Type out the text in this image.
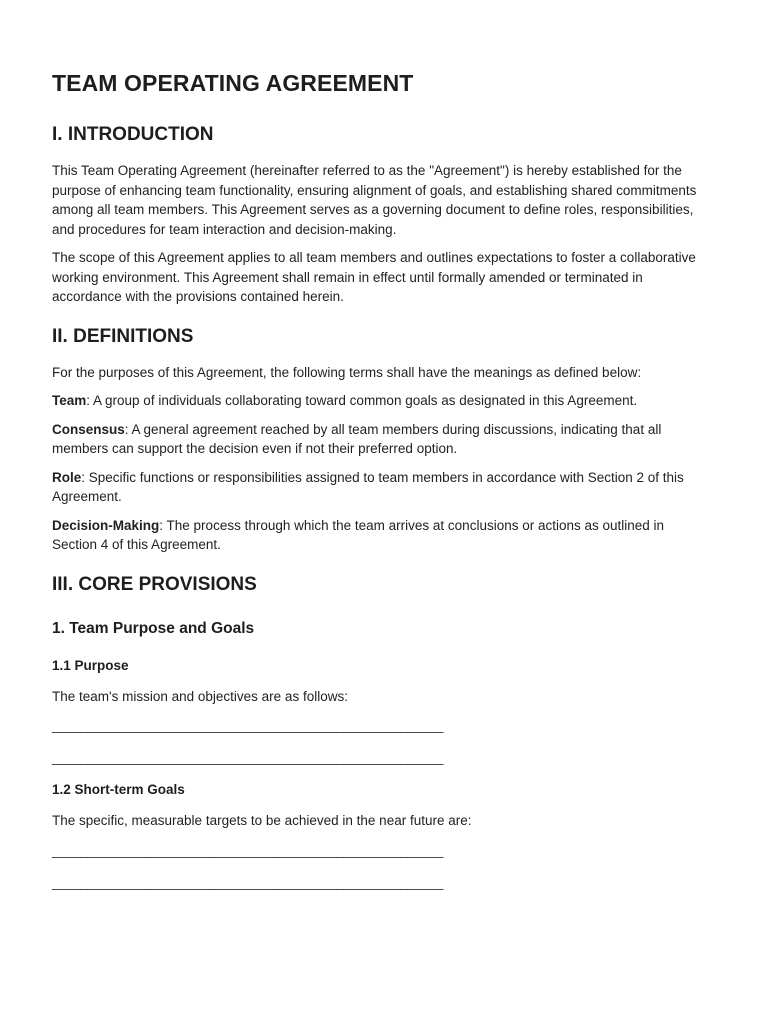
TEAM OPERATING AGREEMENT
I. INTRODUCTION

This Team Operating Agreement (hereinafter referred to as the "Agreement") is hereby established for the purpose of enhancing team functionality, ensuring alignment of goals, and establishing shared commitments among all team members. This Agreement serves as a governing document to define roles, responsibilities, and procedures for team interaction and decision-making.

The scope of this Agreement applies to all team members and outlines expectations to foster a collaborative working environment. This Agreement shall remain in effect until formally amended or terminated in accordance with the provisions contained herein.

II. DEFINITIONS

For the purposes of this Agreement, the following terms shall have the meanings as defined below:

Team: A group of individuals collaborating toward common goals as designated in this Agreement.

Consensus: A general agreement reached by all team members during discussions, indicating that all members can support the decision even if not their preferred option.

Role: Specific functions or responsibilities assigned to team members in accordance with Section 2 of this Agreement.

Decision-Making: The process through which the team arrives at conclusions or actions as outlined in Section 4 of this Agreement.

III. CORE PROVISIONS
1. Team Purpose and Goals
1.1 Purpose

The team's mission and objectives are as follows:

_______________________________________________________
_______________________________________________________
1.2 Short-term Goals

The specific, measurable targets to be achieved in the near future are:

_______________________________________________________
_______________________________________________________
